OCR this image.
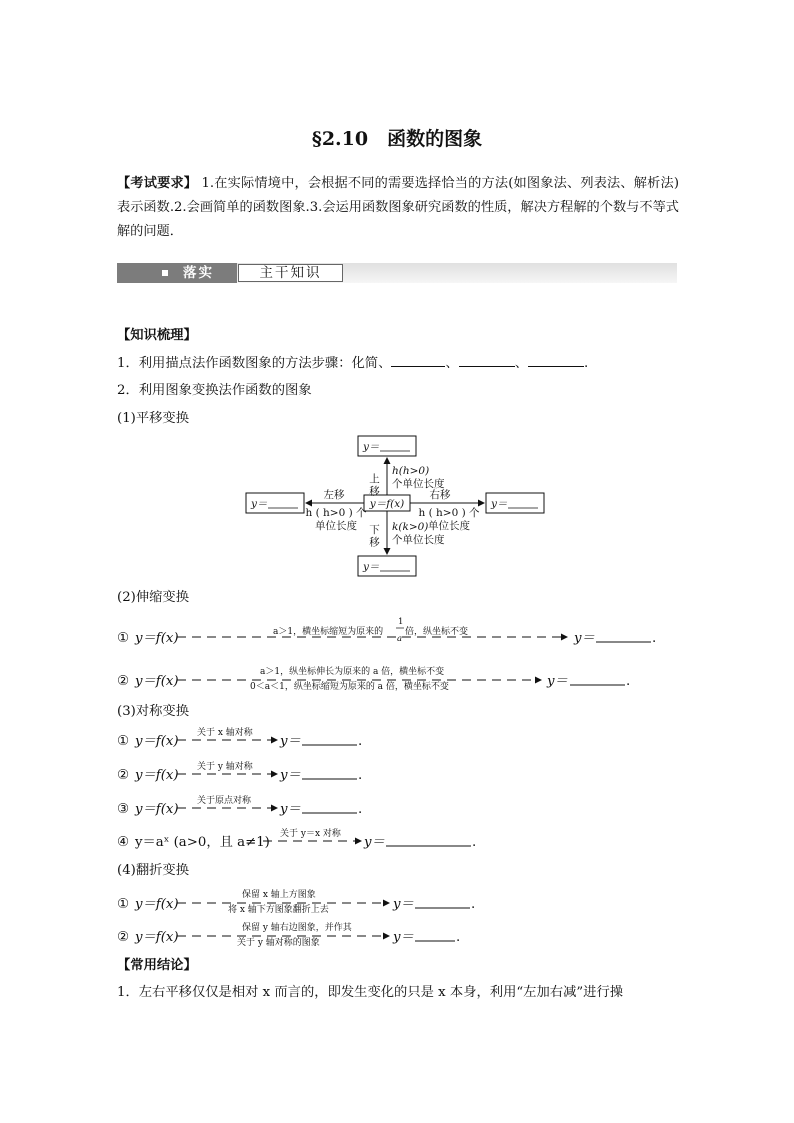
§2.10　函数的图象
【考试要求】 1.在实际情境中，会根据不同的需要选择恰当的方法(如图象法、列表法、解析法)表示函数.2.会画简单的函数图象.3.会运用函数图象研究函数的性质，解决方程解的个数与不等式解的问题．
落实	主干知识
【知识梳理】
1．利用描点法作函数图象的方法步骤：化简、	、	、	.
2．利用图象变换法作函数的图象
(1)平移变换
y＝
y＝
y＝	y＝
y＝f(x)
上移
h(h>0)
个单位长度
下移 k(k>0)
个单位长度
左移
h ( h>0 ) 个
单位长度
右移
h ( h>0 ) 个
单位长度
(2)伸缩变换
① y＝f(x)	a＞1，横坐标缩短为原来的
1
a
倍，纵坐标不变	y＝	.
② y＝f(x)
a＞1，纵坐标伸长为原来的 a 倍，横坐标不变
0＜a＜1，纵坐标缩短为原来的 a 倍，横坐标不变	y＝	.
(3)对称变换
① y＝f(x)
关于 x 轴对称
y＝	.
② y＝f(x)
关于 y 轴对称
y＝	.
③ y＝f(x)
关于原点对称
y＝	.
④ y＝aˣ (a>0，且 a≠1)
关于 y＝x 对称
y＝	.
(4)翻折变换
① y＝f(x)
保留 x 轴上方图象
将 x 轴下方图象翻折上去	y＝	.
② y＝f(x)
保留 y 轴右边图象，并作其
关于 y 轴对称的图象	y＝	.
【常用结论】
1．左右平移仅仅是相对 x 而言的，即发生变化的只是 x 本身，利用“左加右减”进行操
